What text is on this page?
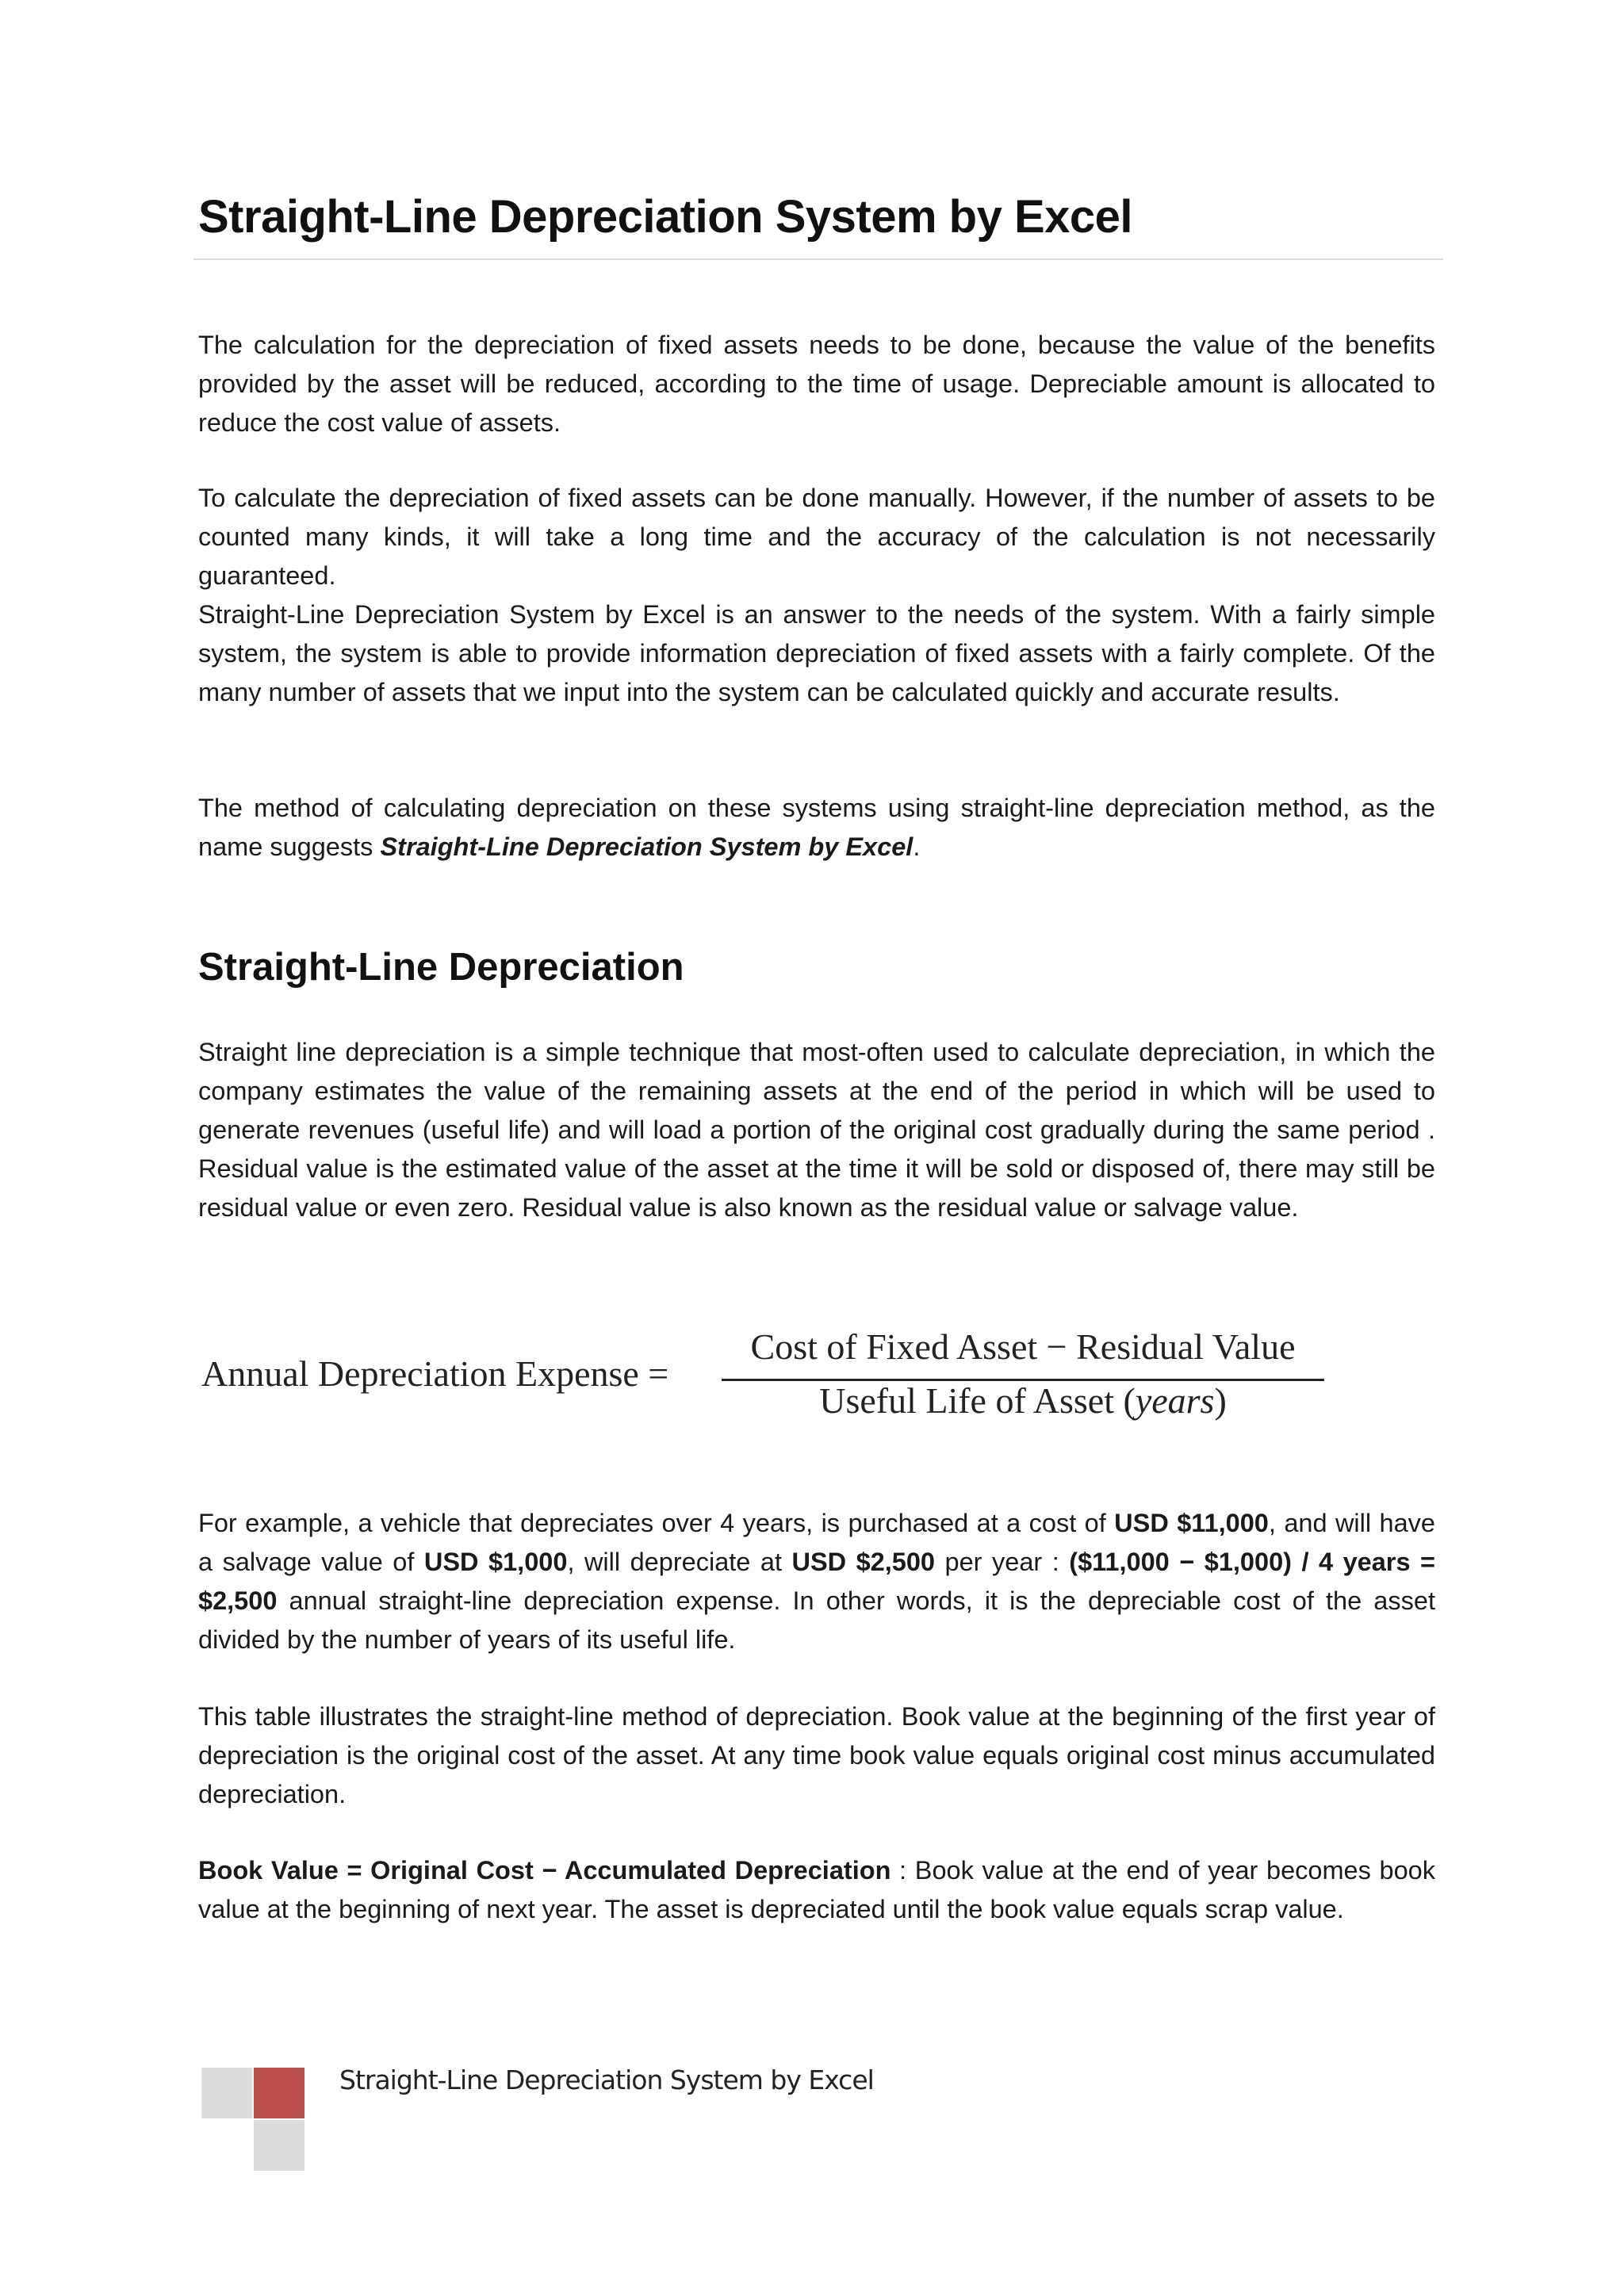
Straight-Line Depreciation System by Excel

The calculation for the depreciation of fixed assets needs to be done, because the value of the benefits provided by the asset will be reduced, according to the time of usage. Depreciable amount is allocated to reduce the cost value of assets.

To calculate the depreciation of fixed assets can be done manually. However, if the number of assets to be counted many kinds, it will take a long time and the accuracy of the calculation is not necessarily guaranteed.

Straight-Line Depreciation System by Excel is an answer to the needs of the system. With a fairly simple system, the system is able to provide information depreciation of fixed assets with a fairly complete. Of the many number of assets that we input into the system can be calculated quickly and accurate results.

The method of calculating depreciation on these systems using straight-line depreciation method, as the name suggests Straight-Line Depreciation System by Excel.

Straight-Line Depreciation

Straight line depreciation is a simple technique that most-often used to calculate depreciation, in which the company estimates the value of the remaining assets at the end of the period in which will be used to generate revenues (useful life) and will load a portion of the original cost gradually during the same period . Residual value is the estimated value of the asset at the time it will be sold or disposed of, there may still be residual value or even zero. Residual value is also known as the residual value or salvage value.

Annual Depreciation Expense =
Cost of Fixed Asset − Residual Value
Useful Life of Asset (years)

For example, a vehicle that depreciates over 4 years, is purchased at a cost of USD $11,000, and will have a salvage value of USD $1,000, will depreciate at USD $2,500 per year : ($11,000 − $1,000) / 4 years = $2,500 annual straight-line depreciation expense. In other words, it is the depreciable cost of the asset divided by the number of years of its useful life.

This table illustrates the straight-line method of depreciation. Book value at the beginning of the first year of depreciation is the original cost of the asset. At any time book value equals original cost minus accumulated depreciation.

Book Value = Original Cost − Accumulated Depreciation : Book value at the end of year becomes book value at the beginning of next year. The asset is depreciated until the book value equals scrap value.

Straight-Line Depreciation System by Excel
